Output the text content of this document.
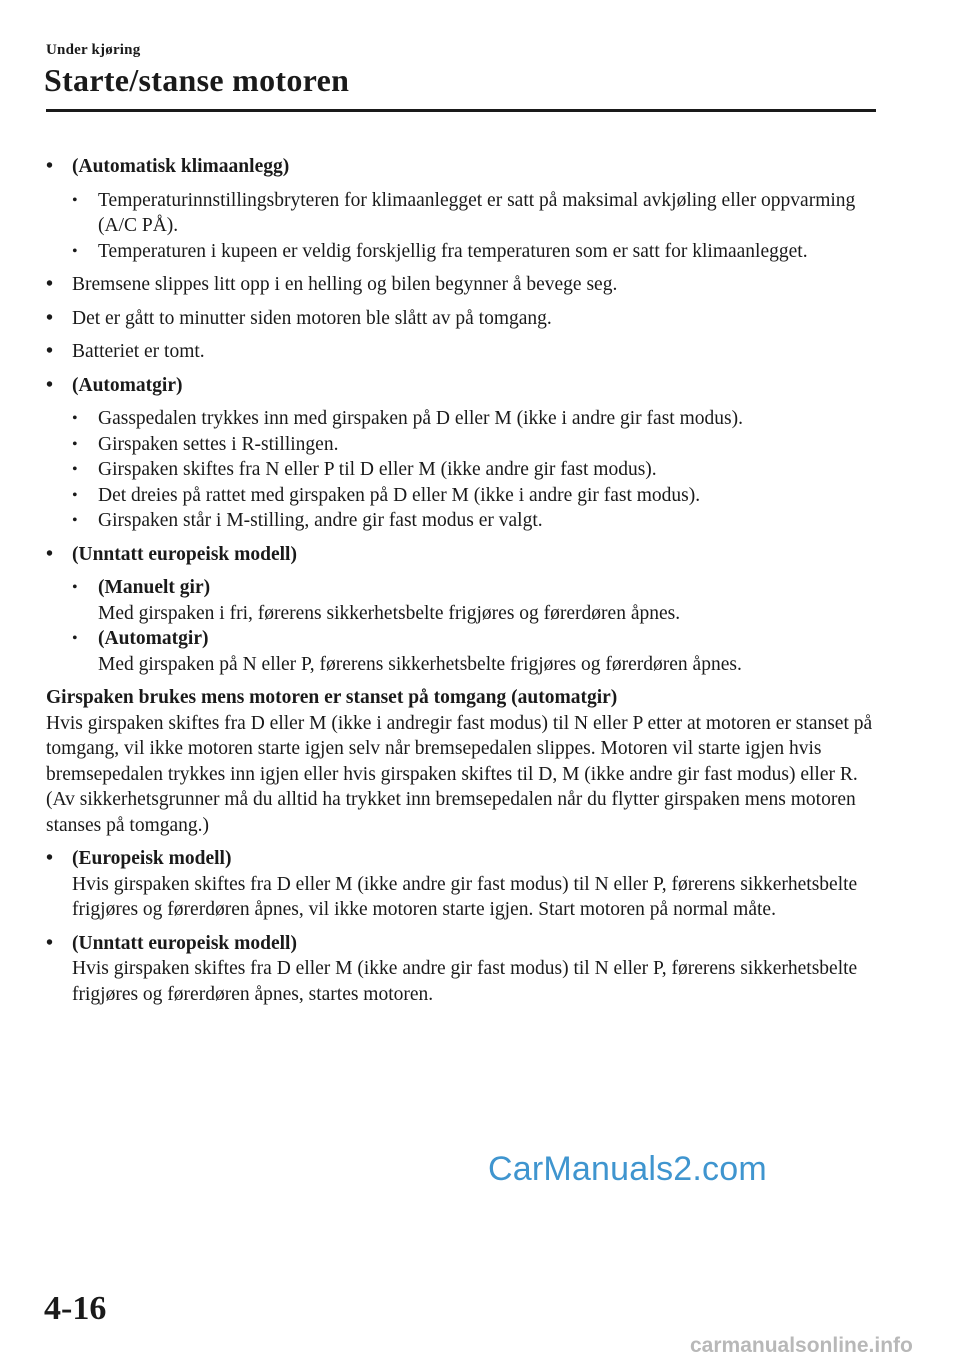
Under kjøring
Starte/stanse motoren
• (Automatisk klimaanlegg)
• Temperaturinnstillingsbryteren for klimaanlegget er satt på maksimal avkjøling eller oppvarming (A/C PÅ).
• Temperaturen i kupeen er veldig forskjellig fra temperaturen som er satt for klimaanlegget.
• Bremsene slippes litt opp i en helling og bilen begynner å bevege seg.
• Det er gått to minutter siden motoren ble slått av på tomgang.
• Batteriet er tomt.
• (Automatgir)
• Gasspedalen trykkes inn med girspaken på D eller M (ikke i andre gir fast modus).
• Girspaken settes i R-stillingen.
• Girspaken skiftes fra N eller P til D eller M (ikke andre gir fast modus).
• Det dreies på rattet med girspaken på D eller M (ikke i andre gir fast modus).
• Girspaken står i M-stilling, andre gir fast modus er valgt.
• (Unntatt europeisk modell)
• (Manuelt gir)
Med girspaken i fri, førerens sikkerhetsbelte frigjøres og førerdøren åpnes.
• (Automatgir)
Med girspaken på N eller P, førerens sikkerhetsbelte frigjøres og førerdøren åpnes.
Girspaken brukes mens motoren er stanset på tomgang (automatgir)

Hvis girspaken skiftes fra D eller M (ikke i andregir fast modus) til N eller P etter at motoren er stanset på tomgang, vil ikke motoren starte igjen selv når bremsepedalen slippes. Motoren vil starte igjen hvis bremsepedalen trykkes inn igjen eller hvis girspaken skiftes til D, M (ikke andre gir fast modus) eller R. (Av sikkerhetsgrunner må du alltid ha trykket inn bremsepedalen når du flytter girspaken mens motoren stanses på tomgang.)

• (Europeisk modell)
Hvis girspaken skiftes fra D eller M (ikke andre gir fast modus) til N eller P, førerens sikkerhetsbelte frigjøres og førerdøren åpnes, vil ikke motoren starte igjen. Start motoren på normal måte.
• (Unntatt europeisk modell)
Hvis girspaken skiftes fra D eller M (ikke andre gir fast modus) til N eller P, førerens sikkerhetsbelte frigjøres og førerdøren åpnes, startes motoren.
CarManuals2.com
4-16
carmanualsonline.info
